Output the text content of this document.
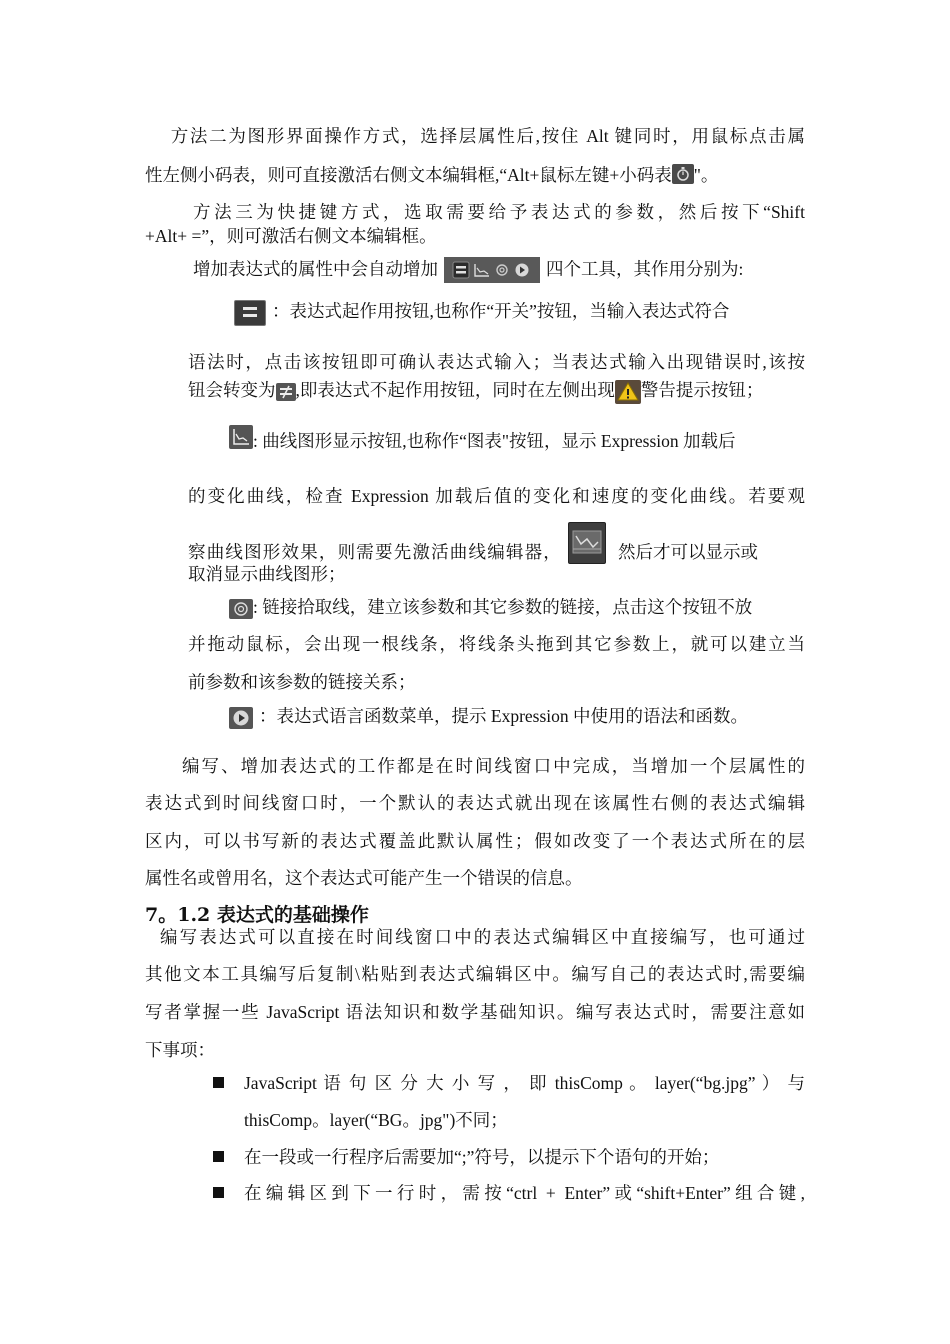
方法二为图形界面操作方式，选择层属性后,按住 Alt 键同时，用鼠标点击属
性左侧小码表，则可直接激活右侧文本编辑框,“Alt+鼠标左键+小码表 "。
方法三为快捷键方式，选取需要给予表达式的参数，然后按下“Shift
+Alt+ =”，则可激活右侧文本编辑框。
增加表达式的属性中会自动增加	四个工具，其作用分别为:
：表达式起作用按钮,也称作“开关”按钮，当输入表达式符合
语法时，点击该按钮即可确认表达式输入；当表达式输入出现错误时,该按
钮会转变为 ,即表达式不起作用按钮，同时在左侧出现 警告提示按钮；
: 曲线图形显示按钮,也称作“图表"按钮，显示 Expression 加载后
的变化曲线，检查 Expression 加载后值的变化和速度的变化曲线。若要观
察曲线图形效果，则需要先激活曲线编辑器，	然后才可以显示或
取消显示曲线图形；
: 链接拾取线，建立该参数和其它参数的链接，点击这个按钮不放
并拖动鼠标，会出现一根线条，将线条头拖到其它参数上，就可以建立当
前参数和该参数的链接关系；
：表达式语言函数菜单，提示 Expression 中使用的语法和函数。
编写、增加表达式的工作都是在时间线窗口中完成，当增加一个层属性的
表达式到时间线窗口时，一个默认的表达式就出现在该属性右侧的表达式编辑
区内，可以书写新的表达式覆盖此默认属性；假如改变了一个表达式所在的层
属性名或曾用名，这个表达式可能产生一个错误的信息。
7。1.2 表达式的基础操作
编写表达式可以直接在时间线窗口中的表达式编辑区中直接编写，也可通过
其他文本工具编写后复制\粘贴到表达式编辑区中。编写自己的表达式时,需要编
写者掌握一些 JavaScript 语法知识和数学基础知识。编写表达式时，需要注意如
下事项：
JavaScript 语 句 区 分 大 小 写 ， 即 thisComp 。 layer(“bg.jpg” ） 与
thisComp。layer(“BG。jpg")不同；
在一段或一行程序后需要加“;”符号，以提示下个语句的开始；
在编辑区到下一行时，需按“ctrl + Enter”或“shift+Enter”组合键,
